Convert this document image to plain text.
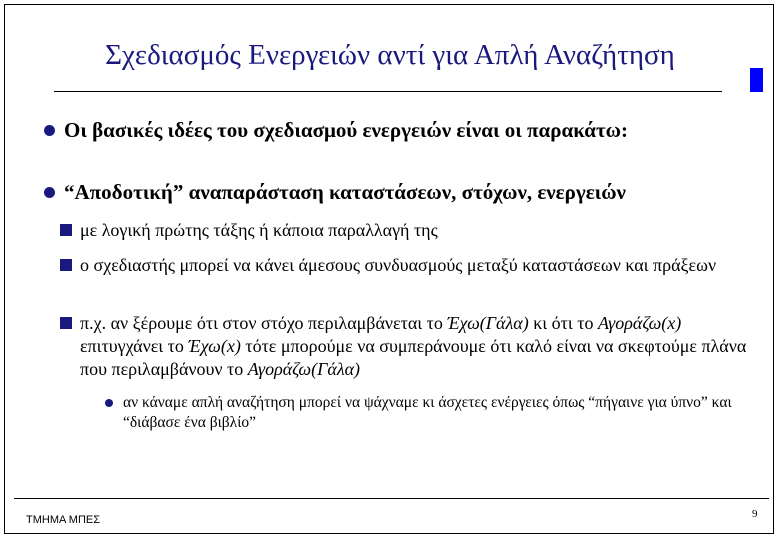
Σχεδιασμός Ενεργειών αντί για Απλή Αναζήτηση
Οι βασικές ιδέες του σχεδιασμού ενεργειών είναι οι παρακάτω:
“Αποδοτική” αναπαράσταση καταστάσεων, στόχων, ενεργειών
με λογική πρώτης τάξης ή κάποια παραλλαγή της
ο σχεδιαστής μπορεί να κάνει άμεσους συνδυασμούς μεταξύ καταστάσεων και πράξεων
π.χ. αν ξέρουμε ότι στον στόχο περιλαμβάνεται το Έχω(Γάλα) κι ότι το Αγοράζω(x) επιτυγχάνει το Έχω(x) τότε μπορούμε να συμπεράνουμε ότι καλό είναι να σκεφτούμε πλάνα που περιλαμβάνουν το Αγοράζω(Γάλα)
αν κάναμε απλή αναζήτηση μπορεί να ψάχναμε κι άσχετες ενέργειες όπως “πήγαινε για ύπνο” και “διάβασε ένα βιβλίο”
ΤΜΗΜΑ ΜΠΕΣ	9
